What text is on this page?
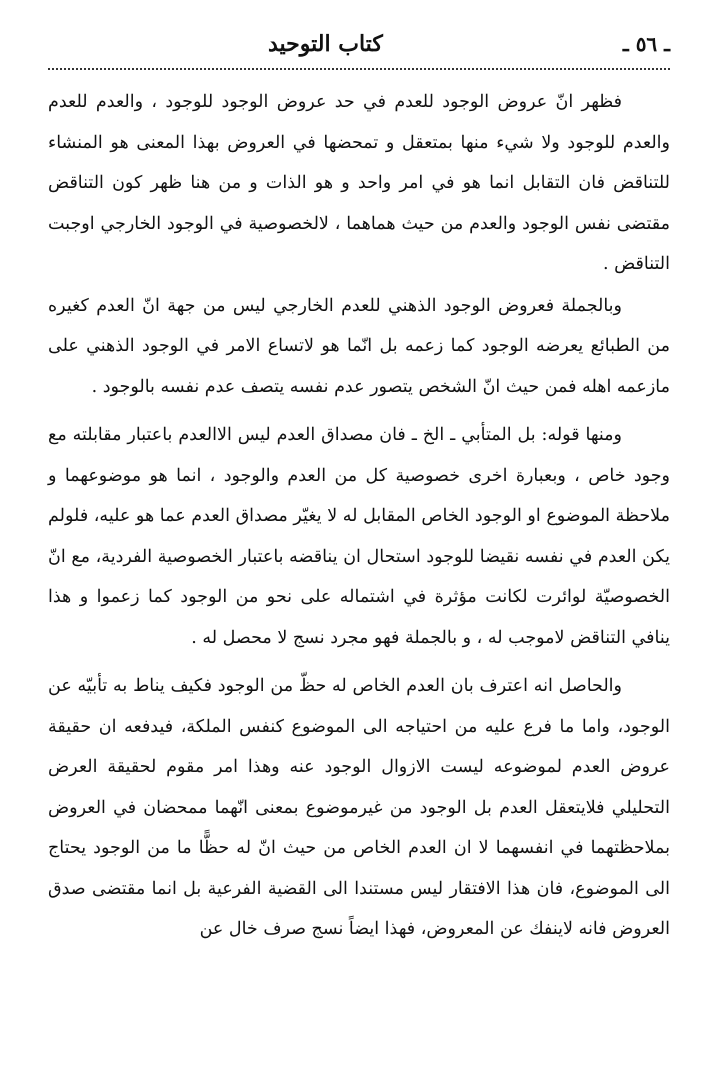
ـ ٥٦ ـ
كتاب التوحيد

فظهر انّ عروض الوجود للعدم في حد عروض الوجود للوجود ، والعدم للعدم والعدم للوجود ولا شيء منها بمتعقل و تمحضها في العروض بهذا المعنى هو المنشاء للتناقض فان التقابل انما هو في امر واحد و هو الذات و من هنا ظهر كون التناقض مقتضى نفس الوجود والعدم من حيث هماهما ، لالخصوصية في الوجود الخارجي اوجبت التناقض .

وبالجملة فعروض الوجود الذهني للعدم الخارجي ليس من جهة انّ العدم كغيره من الطبائع يعرضه الوجود كما زعمه بل انّما هو لاتساع الامر في الوجود الذهني على مازعمه اهله فمن حيث انّ الشخص يتصور عدم نفسه يتصف عدم نفسه بالوجود .

ومنها قوله: بل المتأبي ـ الخ ـ فان مصداق العدم ليس الاالعدم باعتبار مقابلته مع وجود خاص ، وبعبارة اخرى خصوصية كل من العدم والوجود ، انما هو موضوعهما و ملاحظة الموضوع او الوجود الخاص المقابل له لا يغيّر مصداق العدم عما هو عليه، فلولم يكن العدم في نفسه نقيضا للوجود استحال ان يناقضه باعتبار الخصوصية الفردية، مع انّ الخصوصيّة لوائرت لكانت مؤثرة في اشتماله على نحو من الوجود كما زعموا و هذا ينافي التناقض لاموجب له ، و بالجملة فهو مجرد نسج لا محصل له .

والحاصل انه اعترف بان العدم الخاص له حظّ من الوجود فكيف يناط به تأبيّه عن الوجود، واما ما فرع عليه من احتياجه الى الموضوع كنفس الملكة، فيدفعه ان حقيقة عروض العدم لموضوعه ليست الازوال الوجود عنه وهذا امر مقوم لحقيقة العرض التحليلي فلايتعقل العدم بل الوجود من غيرموضوع بمعنى انّهما ممحضان في العروض بملاحظتهما في انفسهما لا ان العدم الخاص من حيث انّ له حظًّا ما من الوجود يحتاج الى الموضوع، فان هذا الافتقار ليس مستندا الى القضية الفرعية بل انما مقتضى صدق العروض فانه لاينفك عن المعروض، فهذا ايضاً نسج صرف خال عن
